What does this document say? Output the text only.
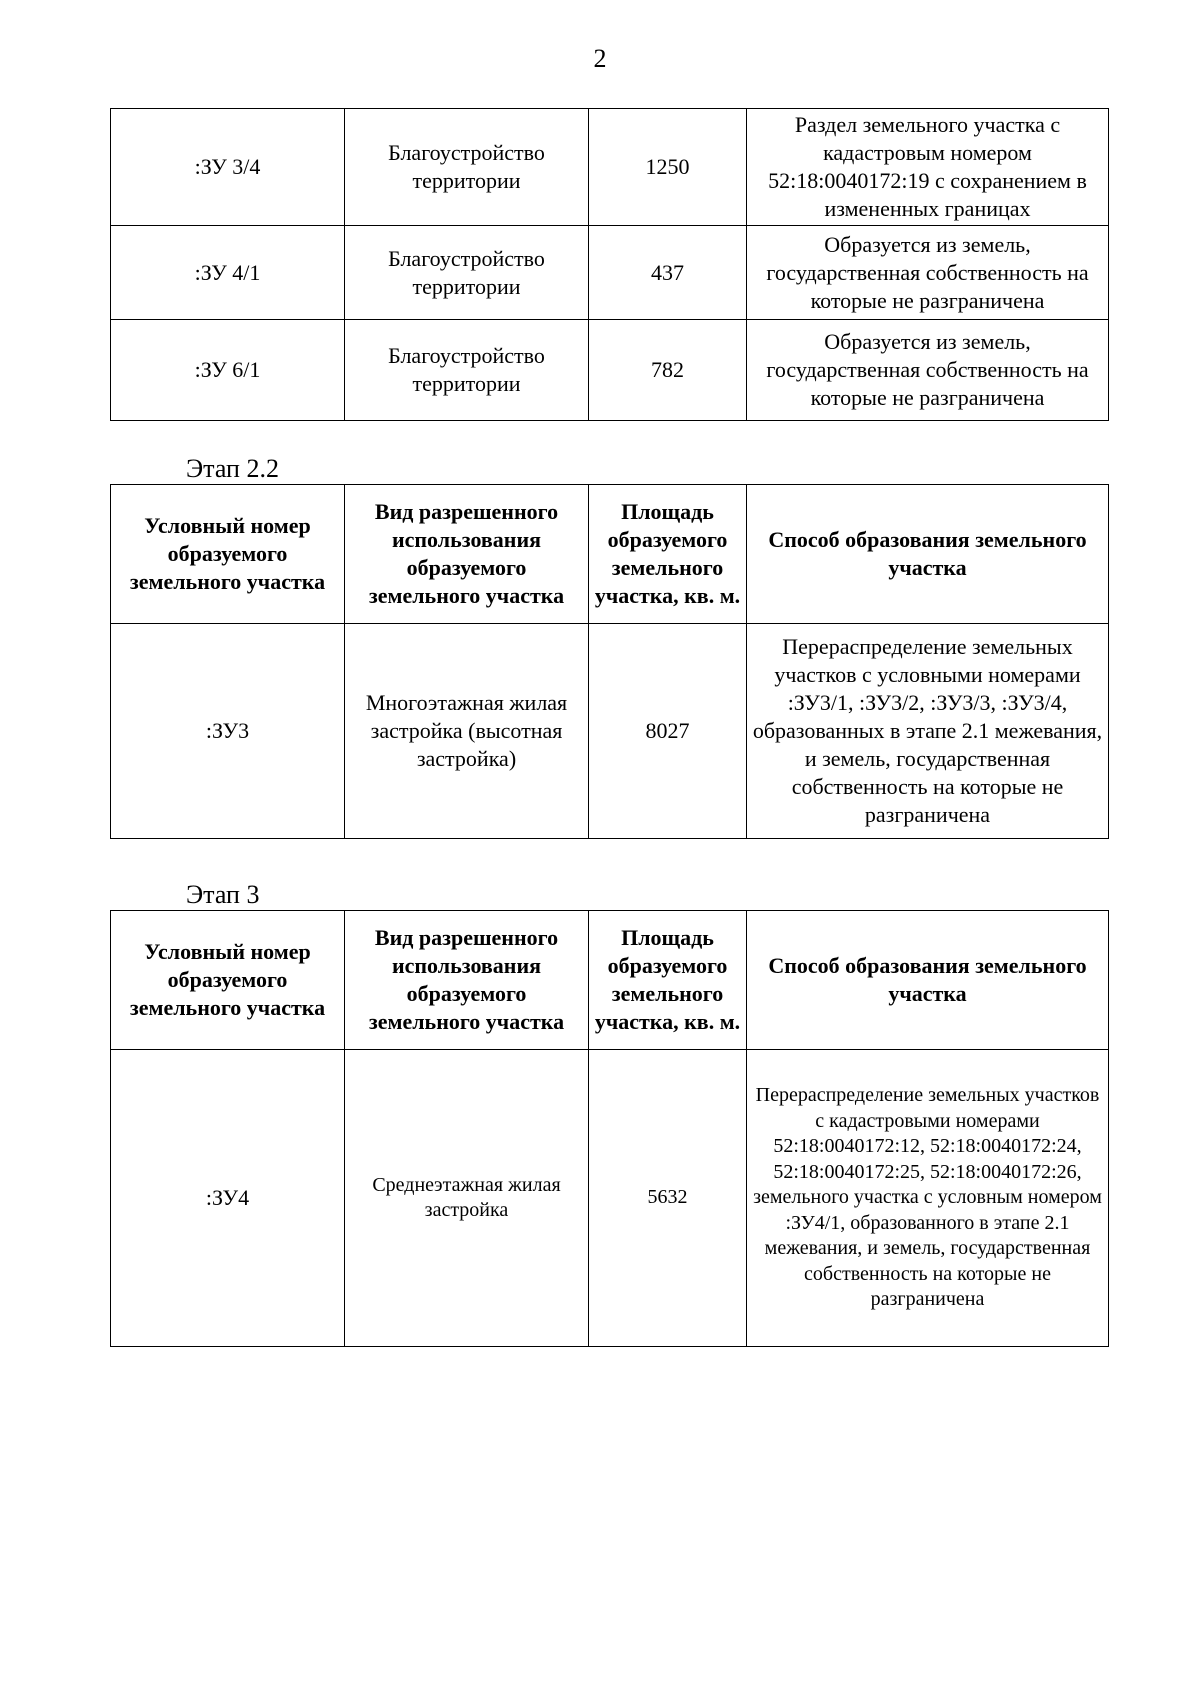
2
:ЗУ 3/4	Благоустройство территории	1250	Раздел земельного участка с кадастровым номером 52:18:0040172:19 с сохранением в измененных границах
:ЗУ 4/1	Благоустройство территории	437	Образуется из земель, государственная собственность на которые не разграничена
:ЗУ 6/1	Благоустройство территории	782	Образуется из земель, государственная собственность на которые не разграничена
Этап 2.2
Условный номер образуемого земельного участка	Вид разрешенного использования образуемого земельного участка	Площадь образуемого земельного участка, кв. м.	Способ образования земельного участка
:ЗУ3	Многоэтажная жилая застройка (высотная застройка)	8027	Перераспределение земельных участков с условными номерами :ЗУ3/1, :ЗУ3/2, :ЗУ3/3, :ЗУ3/4, образованных в этапе 2.1 межевания, и земель, государственная собственность на которые не разграничена
Этап 3
Условный номер образуемого земельного участка	Вид разрешенного использования образуемого земельного участка	Площадь образуемого земельного участка, кв. м.	Способ образования земельного участка
:ЗУ4	Среднеэтажная жилая застройка	5632	Перераспределение земельных участков с кадастровыми номерами 52:18:0040172:12, 52:18:0040172:24, 52:18:0040172:25, 52:18:0040172:26, земельного участка с условным номером :ЗУ4/1, образованного в этапе 2.1 межевания, и земель, государственная собственность на которые не разграничена
